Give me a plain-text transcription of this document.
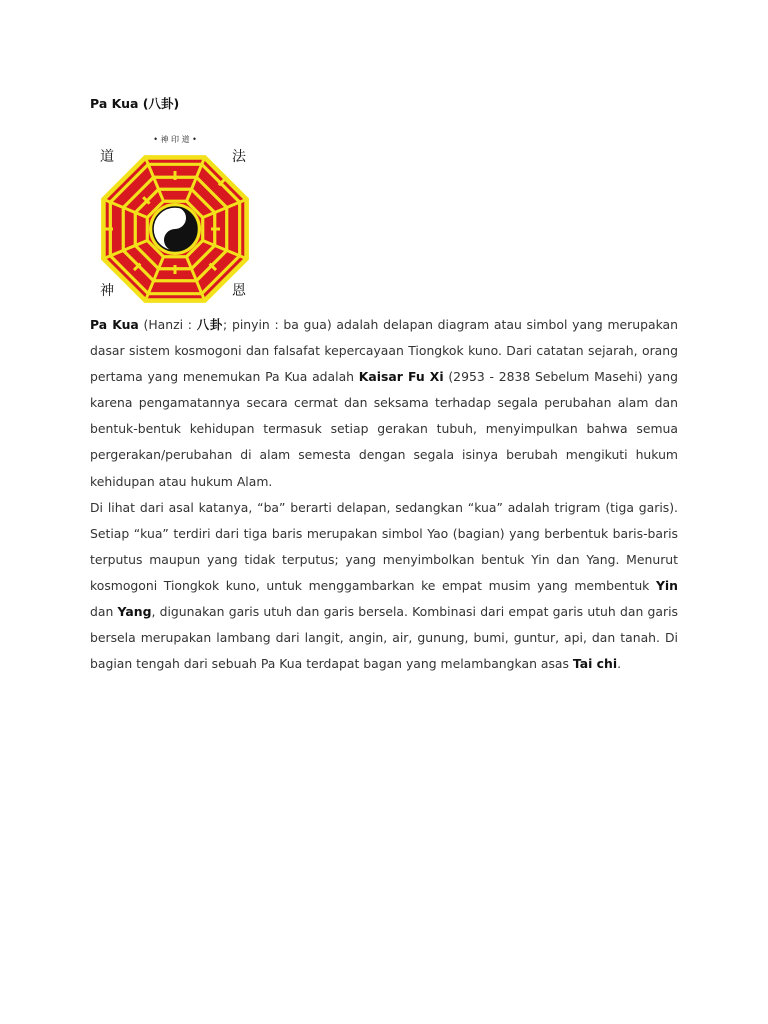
Pa Kua (八卦)
• 神 印 道 •
道	法
神	恩

Pa Kua (Hanzi : 八卦; pinyin : ba gua) adalah delapan diagram atau simbol yang merupakan dasar sistem kosmogoni dan falsafat kepercayaan Tiongkok kuno. Dari catatan sejarah, orang pertama yang menemukan Pa Kua adalah Kaisar Fu Xi (2953 - 2838 Sebelum Masehi) yang karena pengamatannya secara cermat dan seksama terhadap segala perubahan alam dan bentuk-bentuk kehidupan termasuk setiap gerakan tubuh, menyimpulkan bahwa semua pergerakan/perubahan di alam semesta dengan segala isinya berubah mengikuti hukum kehidupan atau hukum Alam.

Di lihat dari asal katanya, “ba” berarti delapan, sedangkan “kua” adalah trigram (tiga garis). Setiap “kua” terdiri dari tiga baris merupakan simbol Yao (bagian) yang berbentuk baris-baris terputus maupun yang tidak terputus; yang menyimbolkan bentuk Yin dan Yang. Menurut kosmogoni Tiongkok kuno, untuk menggambarkan ke empat musim yang membentuk Yin dan Yang, digunakan garis utuh dan garis bersela. Kombinasi dari empat garis utuh dan garis bersela merupakan lambang dari langit, angin, air, gunung, bumi, guntur, api, dan tanah. Di bagian tengah dari sebuah Pa Kua terdapat bagan yang melambangkan asas Tai chi.
